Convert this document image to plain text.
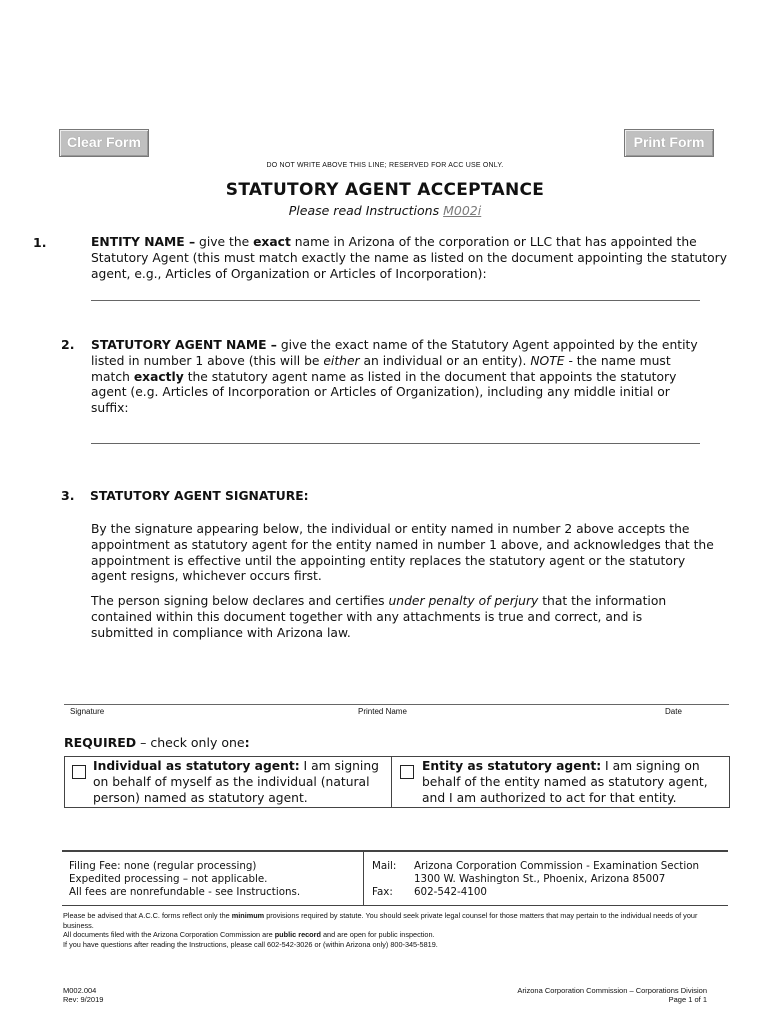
Clear Form	Print Form
DO NOT WRITE ABOVE THIS LINE; RESERVED FOR ACC USE ONLY.
STATUTORY AGENT ACCEPTANCE
Please read Instructions M002i
1.	ENTITY NAME – give the exact name in Arizona of the corporation or LLC that has appointed the Statutory Agent (this must match exactly the name as listed on the document appointing the statutory agent, e.g., Articles of Organization or Articles of Incorporation):
2. STATUTORY AGENT NAME – give the exact name of the Statutory Agent appointed by the entity listed in number 1 above (this will be either an individual or an entity). NOTE - the name must match exactly the statutory agent name as listed in the document that appoints the statutory agent (e.g. Articles of Incorporation or Articles of Organization), including any middle initial or suffix:
3. STATUTORY AGENT SIGNATURE:
By the signature appearing below, the individual or entity named in number 2 above accepts the appointment as statutory agent for the entity named in number 1 above, and acknowledges that the appointment is effective until the appointing entity replaces the statutory agent or the statutory agent resigns, whichever occurs first.
The person signing below declares and certifies under penalty of perjury that the information contained within this document together with any attachments is true and correct, and is submitted in compliance with Arizona law.
Signature	Printed Name	Date
REQUIRED – check only one:
Individual as statutory agent: I am signing on behalf of myself as the individual (natural person) named as statutory agent.
Entity as statutory agent: I am signing on behalf of the entity named as statutory agent, and I am authorized to act for that entity.
Filing Fee: none (regular processing)
Expedited processing – not applicable.
All fees are nonrefundable - see Instructions.
Mail: Arizona Corporation Commission - Examination Section
1300 W. Washington St., Phoenix, Arizona 85007
Fax: 602-542-4100
Please be advised that A.C.C. forms reflect only the minimum provisions required by statute. You should seek private legal counsel for those matters that may pertain to the individual needs of your business.
All documents filed with the Arizona Corporation Commission are public record and are open for public inspection.
If you have questions after reading the Instructions, please call 602-542-3026 or (within Arizona only) 800-345-5819.
M002.004
Rev: 9/2019
Arizona Corporation Commission – Corporations Division
Page 1 of 1
